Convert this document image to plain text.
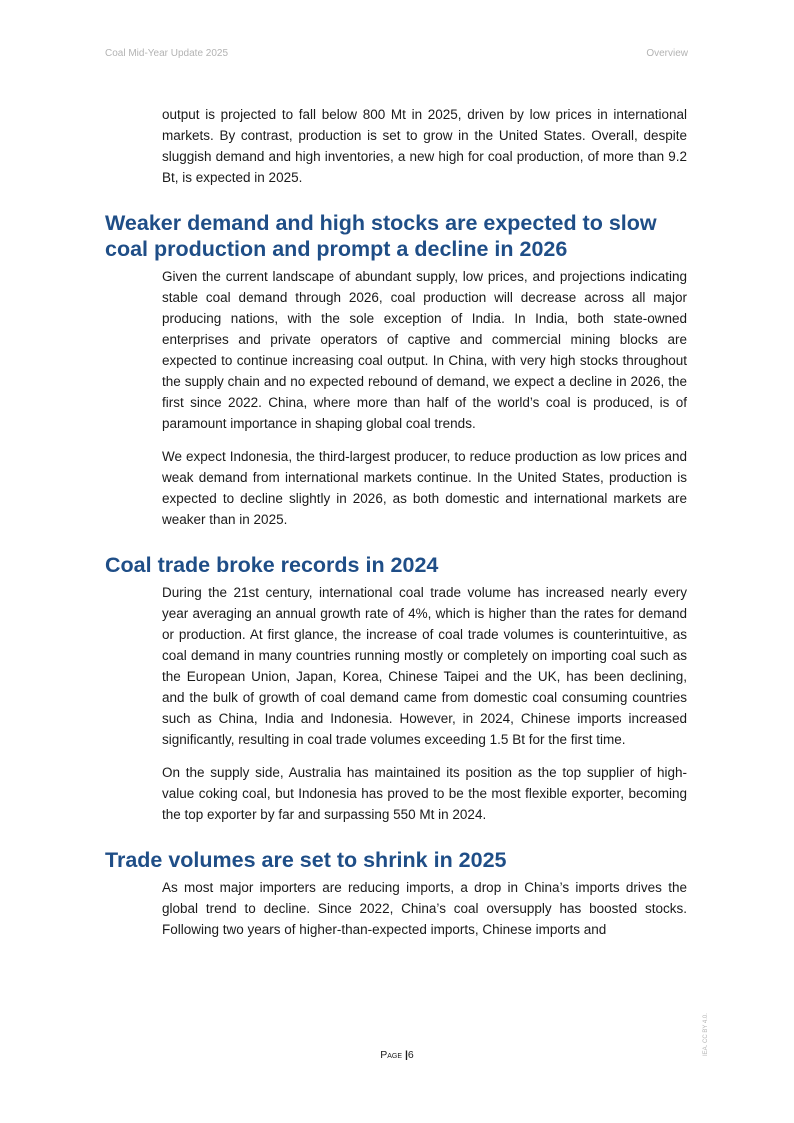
Coal Mid-Year Update 2025	Overview

output is projected to fall below 800 Mt in 2025, driven by low prices in international markets. By contrast, production is set to grow in the United States. Overall, despite sluggish demand and high inventories, a new high for coal production, of more than 9.2 Bt, is expected in 2025.

Weaker demand and high stocks are expected to slow coal production and prompt a decline in 2026

Given the current landscape of abundant supply, low prices, and projections indicating stable coal demand through 2026, coal production will decrease across all major producing nations, with the sole exception of India. In India, both state-owned enterprises and private operators of captive and commercial mining blocks are expected to continue increasing coal output. In China, with very high stocks throughout the supply chain and no expected rebound of demand, we expect a decline in 2026, the first since 2022. China, where more than half of the world’s coal is produced, is of paramount importance in shaping global coal trends.

We expect Indonesia, the third-largest producer, to reduce production as low prices and weak demand from international markets continue. In the United States, production is expected to decline slightly in 2026, as both domestic and international markets are weaker than in 2025.

Coal trade broke records in 2024

During the 21st century, international coal trade volume has increased nearly every year averaging an annual growth rate of 4%, which is higher than the rates for demand or production. At first glance, the increase of coal trade volumes is counterintuitive, as coal demand in many countries running mostly or completely on importing coal such as the European Union, Japan, Korea, Chinese Taipei and the UK, has been declining, and the bulk of growth of coal demand came from domestic coal consuming countries such as China, India and Indonesia. However, in 2024, Chinese imports increased significantly, resulting in coal trade volumes exceeding 1.5 Bt for the first time.

On the supply side, Australia has maintained its position as the top supplier of high-value coking coal, but Indonesia has proved to be the most flexible exporter, becoming the top exporter by far and surpassing 550 Mt in 2024.

Trade volumes are set to shrink in 2025

As most major importers are reducing imports, a drop in China’s imports drives the global trend to decline. Since 2022, China’s coal oversupply has boosted stocks. Following two years of higher-than-expected imports, Chinese imports and

Page |6	IEA. CC BY 4.0.
